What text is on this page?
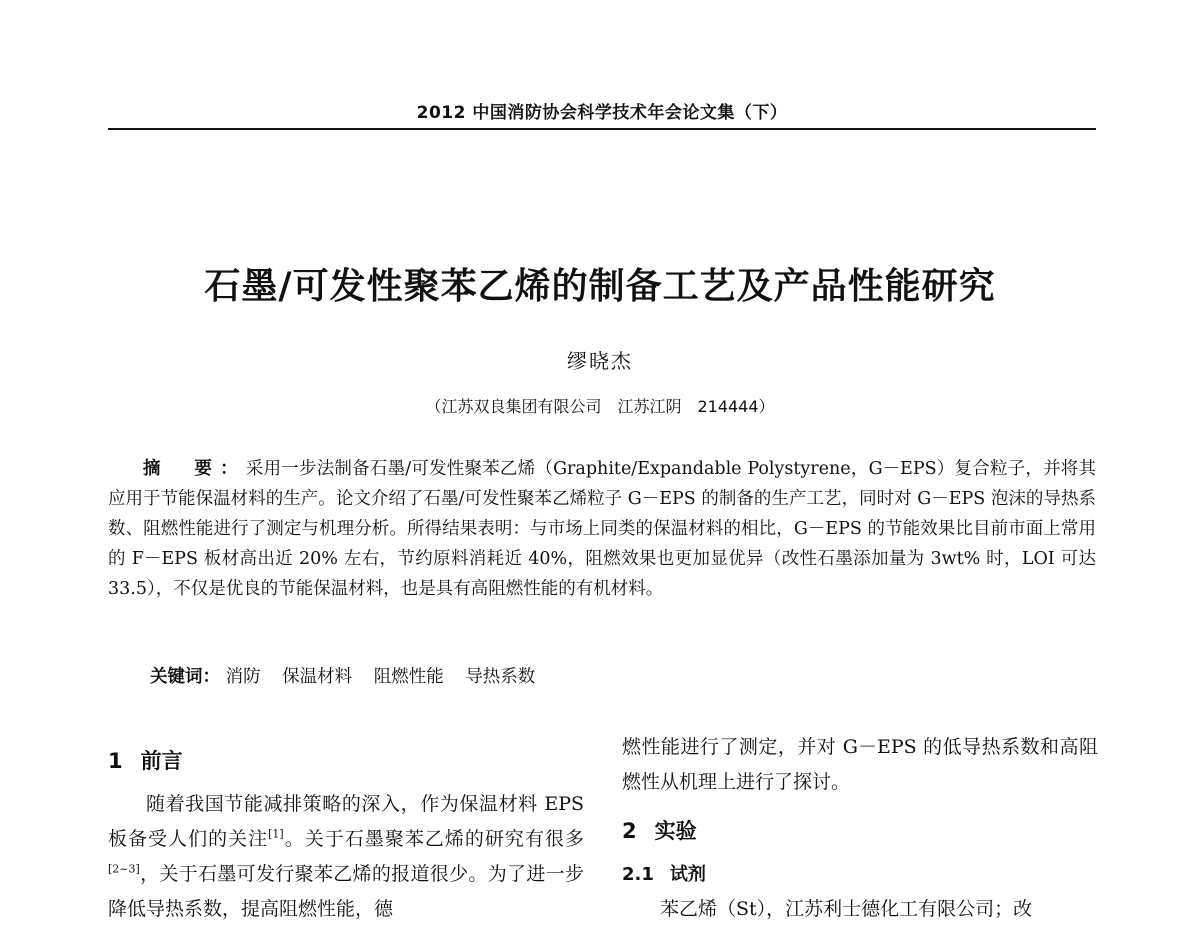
2012 中国消防协会科学技术年会论文集（下）
石墨/可发性聚苯乙烯的制备工艺及产品性能研究
缪晓杰
（江苏双良集团有限公司　江苏江阴　214444）
摘　要：采用一步法制备石墨/可发性聚苯乙烯（Graphite/Expandable Polystyrene，G－EPS）复合粒子，并将其应用于节能保温材料的生产。论文介绍了石墨/可发性聚苯乙烯粒子 G－EPS 的制备的生产工艺，同时对 G－EPS 泡沫的导热系数、阻燃性能进行了测定与机理分析。所得结果表明：与市场上同类的保温材料的相比，G－EPS 的节能效果比目前市面上常用的 F－EPS 板材高出近 20% 左右，节约原料消耗近 40%，阻燃效果也更加显优异（改性石墨添加量为 3wt% 时，LOI 可达 33.5），不仅是优良的节能保温材料，也是具有高阻燃性能的有机材料。
关键词： 消防 保温材料 阻燃性能 导热系数
1 前言

随着我国节能减排策略的深入，作为保温材料 EPS 板备受人们的关注[1]。关于石墨聚苯乙烯的研究有很多[2~3]，关于石墨可发行聚苯乙烯的报道很少。为了进一步降低导热系数，提高阻燃性能，德

燃性能进行了测定，并对 G－EPS 的低导热系数和高阻燃性从机理上进行了探讨。

2 实验
2.1 试剂

苯乙烯（St），江苏利士德化工有限公司；改
